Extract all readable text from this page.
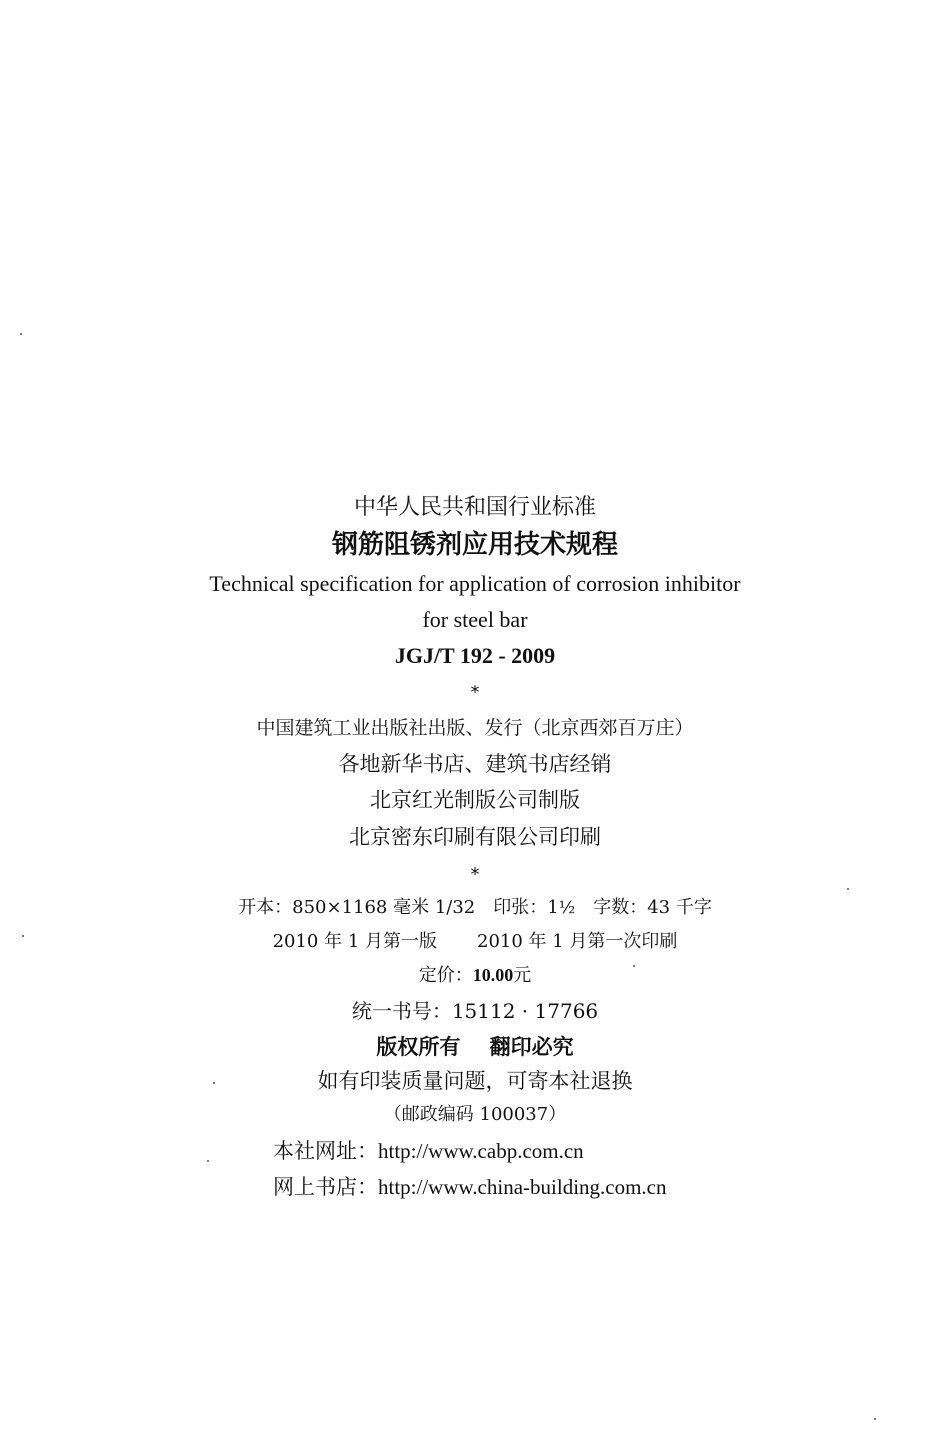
中华人民共和国行业标准
钢筋阻锈剂应用技术规程
Technical specification for application of corrosion inhibitor
for steel bar
JGJ/T 192 - 2009
*
中国建筑工业出版社出版、发行（北京西郊百万庄）
各地新华书店、建筑书店经销
北京红光制版公司制版
北京密东印刷有限公司印刷
*
开本：850×1168 毫米 1/32 印张：1½ 字数：43 千字
2010 年 1 月第一版 2010 年 1 月第一次印刷
定价：10.00元
统一书号：15112 · 17766
版权所有    翻印必究
如有印装质量问题，可寄本社退换
（邮政编码 100037）
本社网址：http://www.cabp.com.cn
网上书店：http://www.china-building.com.cn
